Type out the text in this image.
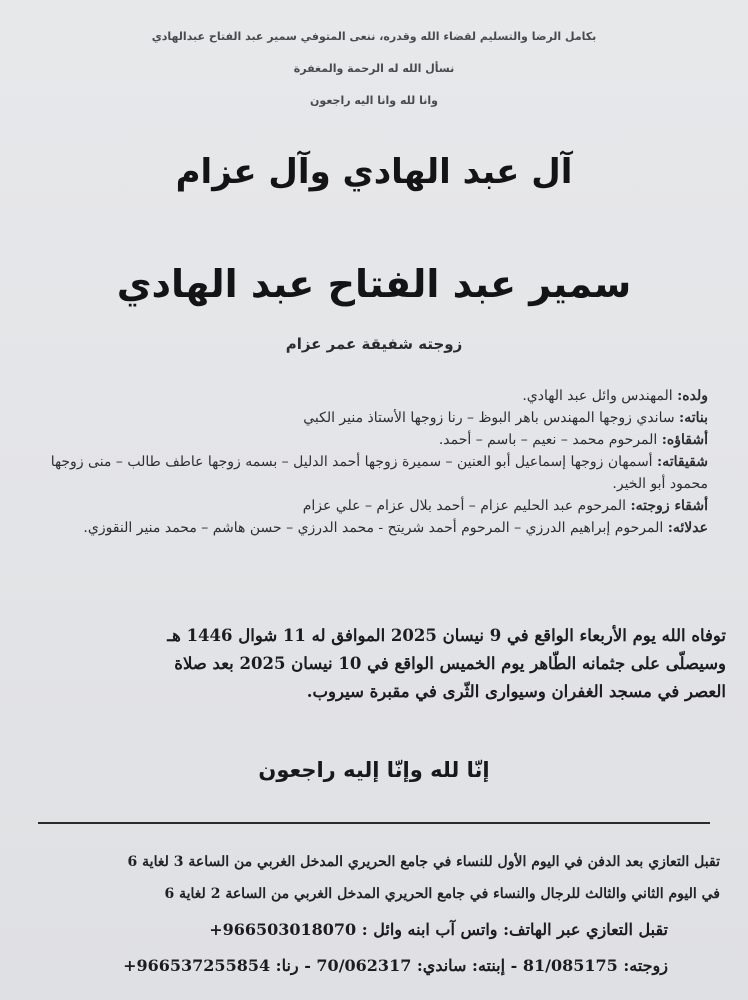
بكامل الرضا والتسليم لقضاء الله وقدره، ننعى المتوفي سمير عبد الفتاح عبدالهادي
نسأل الله له الرحمة والمغفرة
وانا لله وانا اليه راجعون
آل عبد الهادي وآل عزام
سمير عبد الفتاح عبد الهادي
زوجته شفيقة عمر عزام
ولده: المهندس وائل عبد الهادي.
بناته: ساندي زوجها المهندس باهر البوظ – رنا زوجها الأستاذ منير الكبي
أشقاؤه: المرحوم محمد – نعيم – باسم – أحمد.
شقيقاته: أسمهان زوجها إسماعيل أبو العنين – سميرة زوجها أحمد الدليل – بسمه زوجها عاطف طالب – منى زوجها محمود أبو الخير.
أشقاء زوجته: المرحوم عبد الحليم عزام – أحمد بلال عزام – علي عزام
عدلائه: المرحوم إبراهيم الدرزي – المرحوم أحمد شريتح - محمد الدرزي – حسن هاشم – محمد منير النقوزي.
توفاه الله يوم الأربعاء الواقع في 9 نيسان 2025 الموافق له 11 شوال 1446 هـ
وسيصلّى على جثمانه الطّاهر يوم الخميس الواقع في 10 نيسان 2025 بعد صلاة
العصر في مسجد الغفران وسيوارى الثّرى في مقبرة سيروب.
إنّا لله وإنّا إليه راجعون
تقبل التعازي بعد الدفن في اليوم الأول للنساء في جامع الحريري المدخل الغربي من الساعة 3 لغاية 6
في اليوم الثاني والثالث للرجال والنساء في جامع الحريري المدخل الغربي من الساعة 2 لغاية 6
تقبل التعازي عبر الهاتف: واتس آب ابنه وائل : ‎+966503018070
زوجته: 81/085175 - إبنته: ساندي: 70/062317 - رنا: ‎+966537255854
